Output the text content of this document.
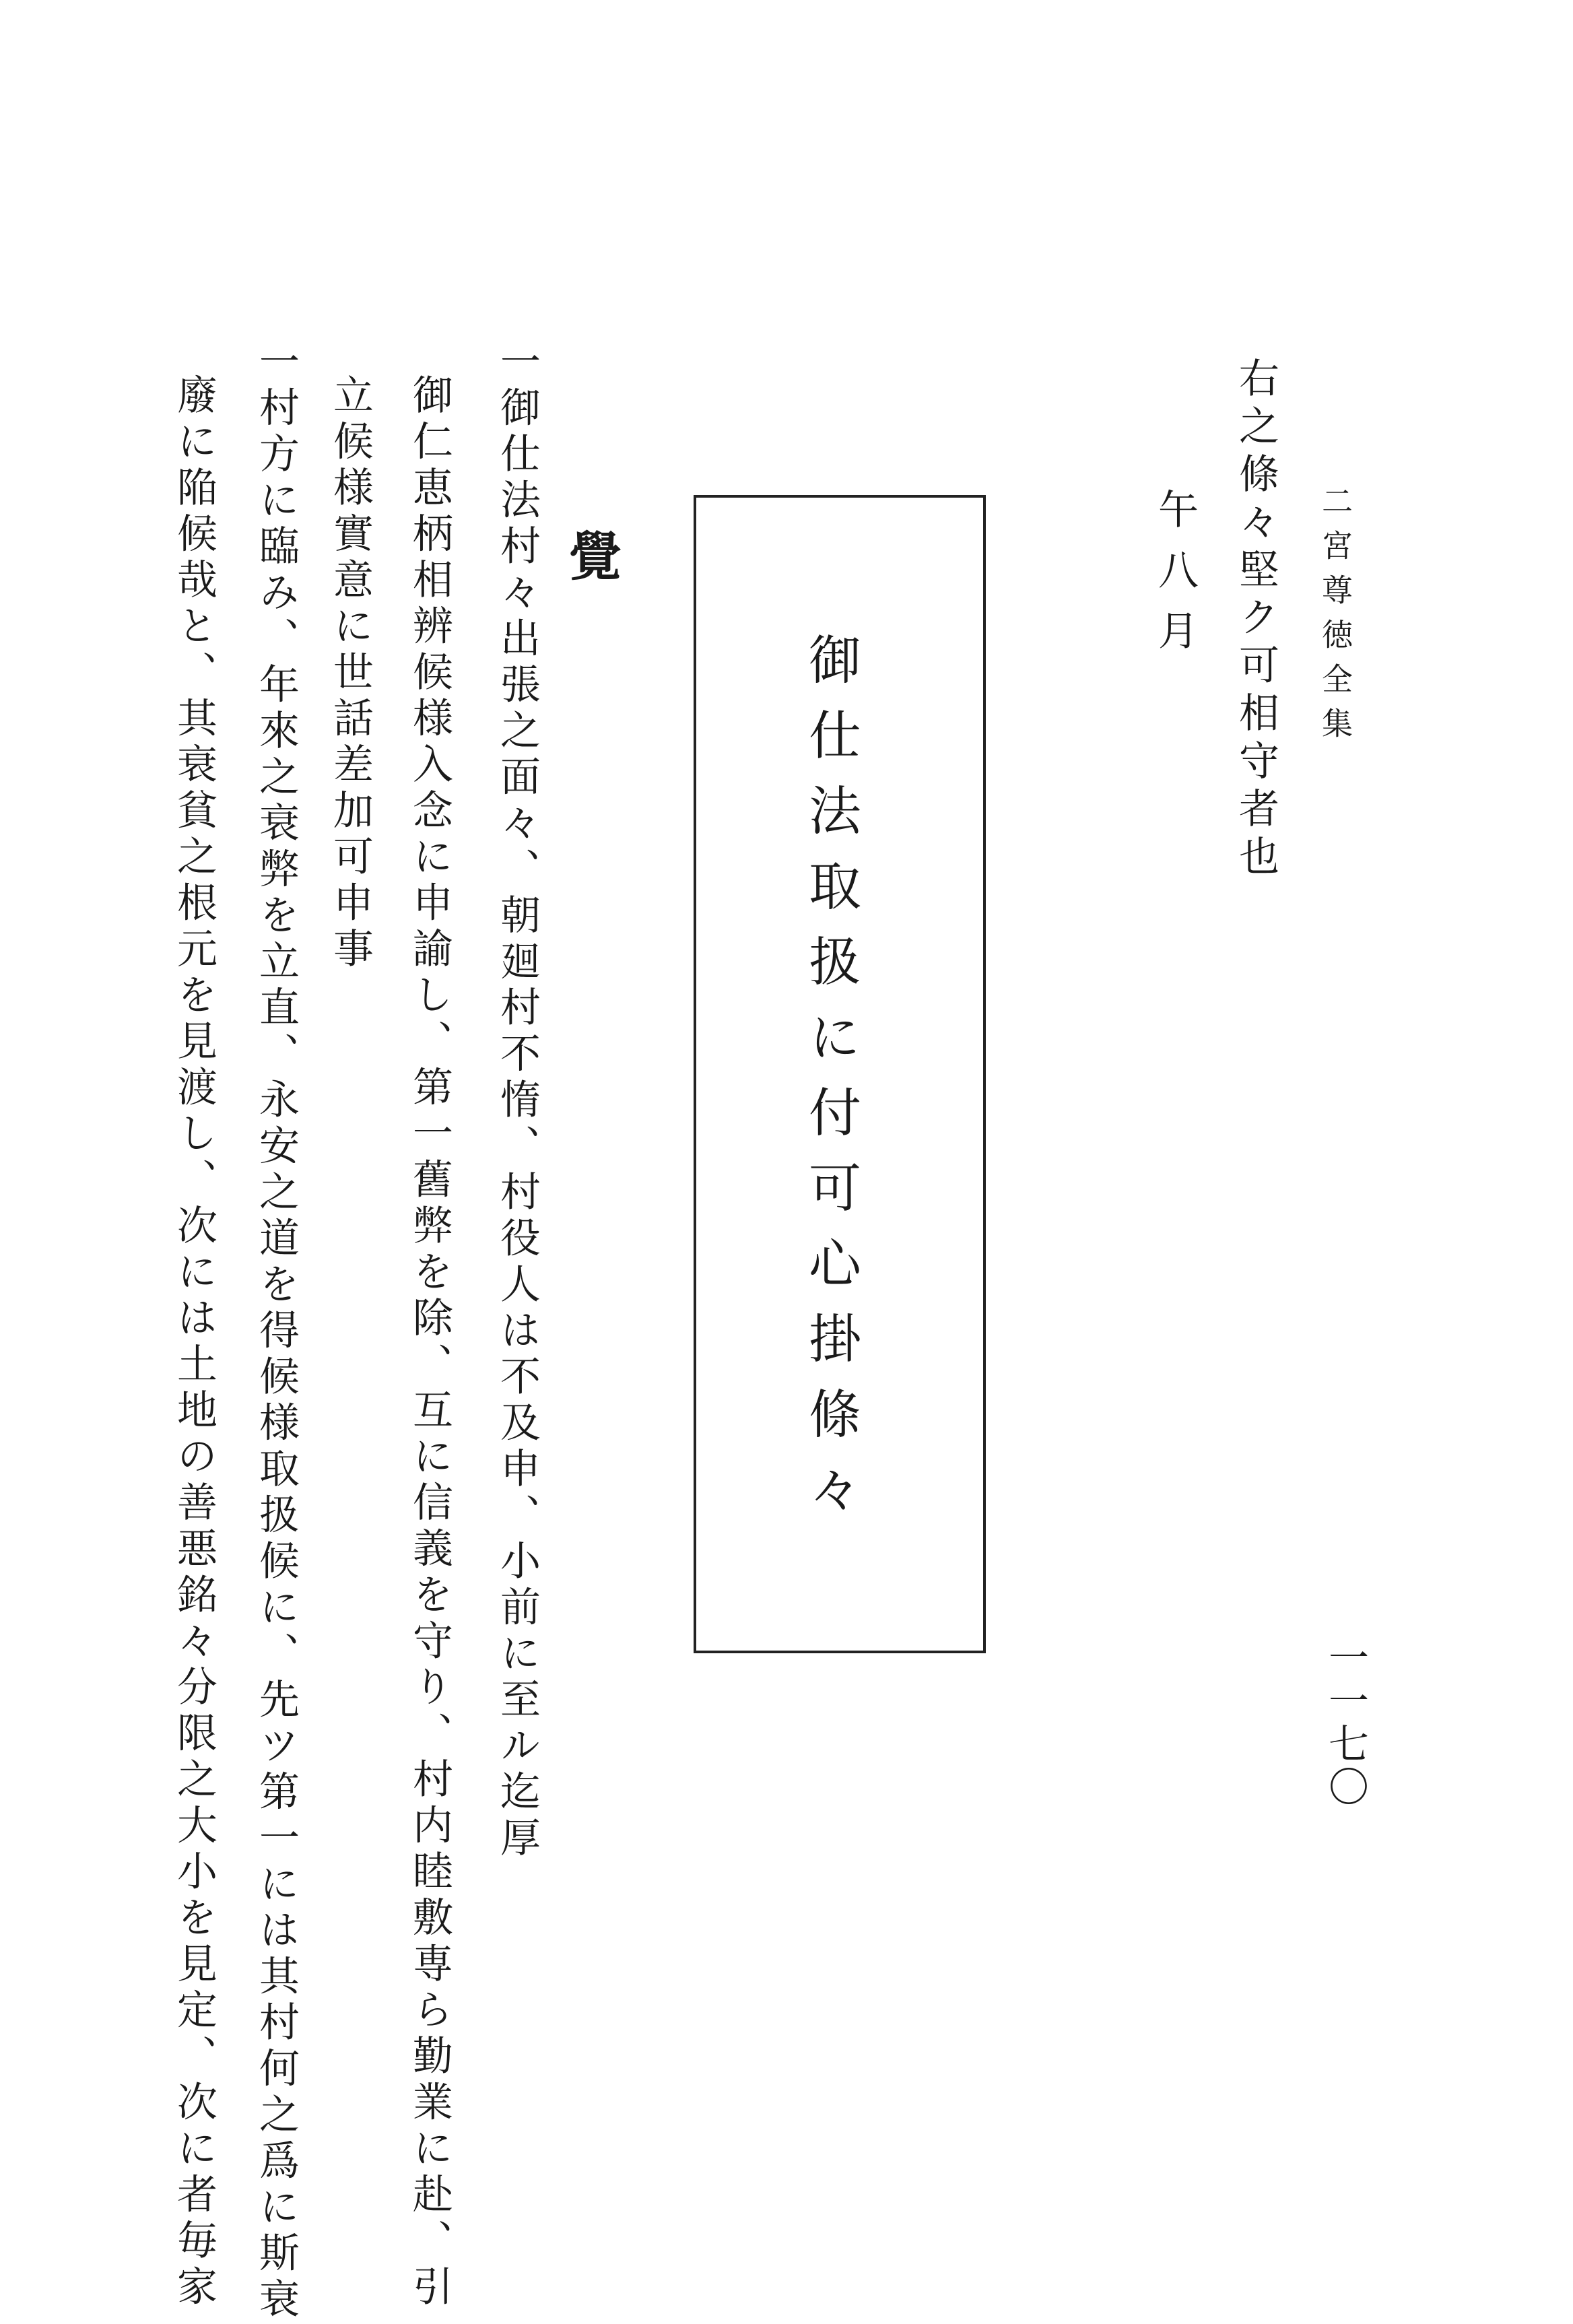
二宮尊徳全集
一一七〇
右之條々堅ク可相守者也
午八月
御仕法取扱に付可心掛條々
覺
一御仕法村々出張之面々、朝廻村不惰、村役人は不及申、小前に至ル迄厚
御仁恵柄相辨候様入念に申諭し、第一舊弊を除、互に信義を守り、村内睦敷専ら勤業に赴、引
立候様實意に世話差加可申事
一村方に臨み、年來之衰弊を立直、永安之道を得候様取扱候に、先ツ第一には其村何之爲に斯衰
廢に陥候哉と、其衰貧之根元を見渡し、次には土地の善悪銘々分限之大小を見定、次に者毎家
